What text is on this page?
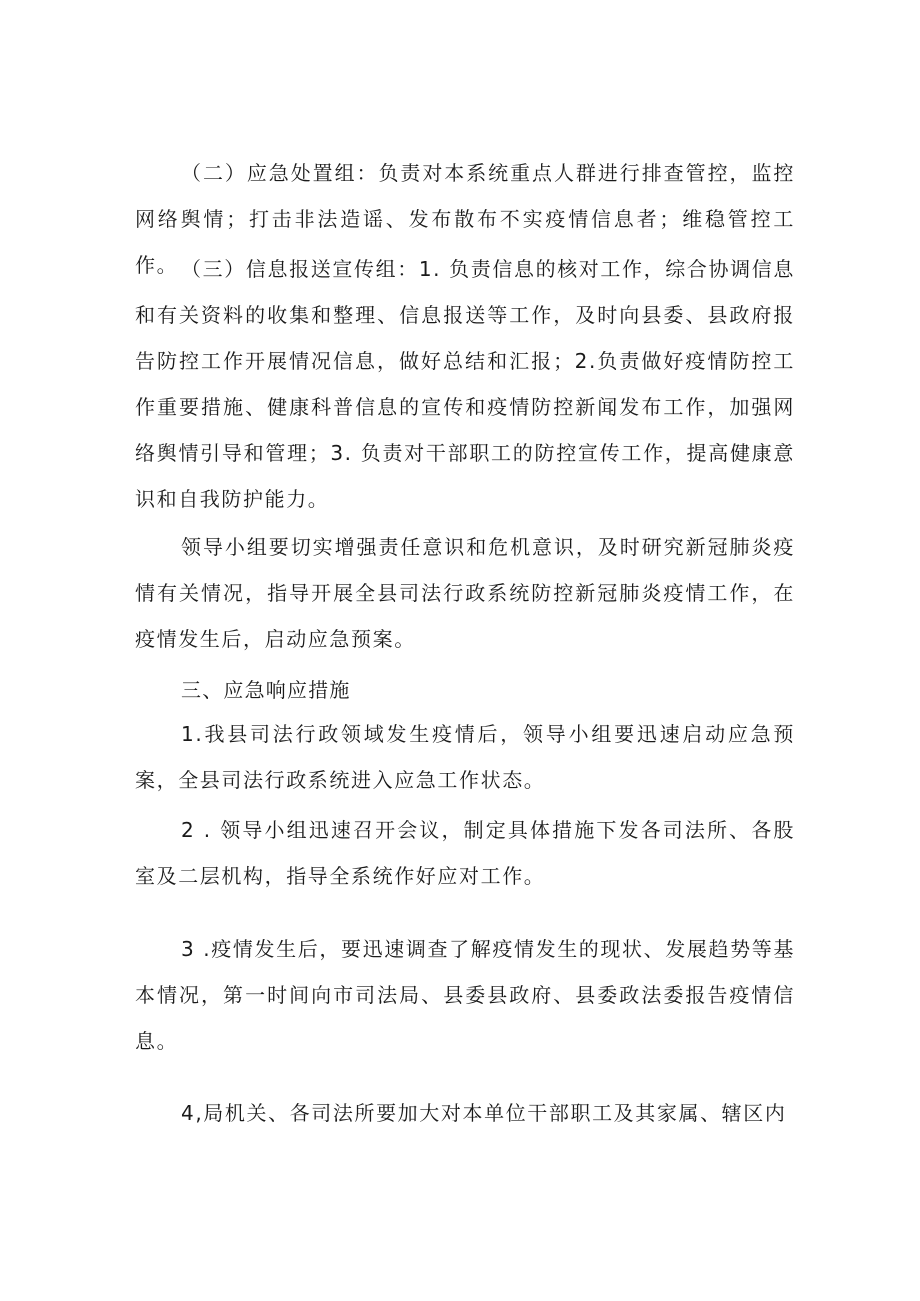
（二）应急处置组：负责对本系统重点人群进行排查管控，监控网络舆情；打击非法造谣、发布散布不实疫情信息者；维稳管控工作。 （三）信息报送宣传组：1. 负责信息的核对工作，综合协调信息和有关资料的收集和整理、信息报送等工作，及时向县委、县政府报告防控工作开展情况信息，做好总结和汇报；2.负责做好疫情防控工作重要措施、健康科普信息的宣传和疫情防控新闻发布工作，加强网络舆情引导和管理；3. 负责对干部职工的防控宣传工作，提高健康意识和自我防护能力。

领导小组要切实增强责任意识和危机意识，及时研究新冠肺炎疫情有关情况，指导开展全县司法行政系统防控新冠肺炎疫情工作，在疫情发生后，启动应急预案。

三、应急响应措施

1.我县司法行政领域发生疫情后，领导小组要迅速启动应急预案，全县司法行政系统进入应急工作状态。

2 . 领导小组迅速召开会议，制定具体措施下发各司法所、各股室及二层机构，指导全系统作好应对工作。

3 .疫情发生后，要迅速调查了解疫情发生的现状、发展趋势等基本情况，第一时间向市司法局、县委县政府、县委政法委报告疫情信息。

4,局机关、各司法所要加大对本单位干部职工及其家属、辖区内
